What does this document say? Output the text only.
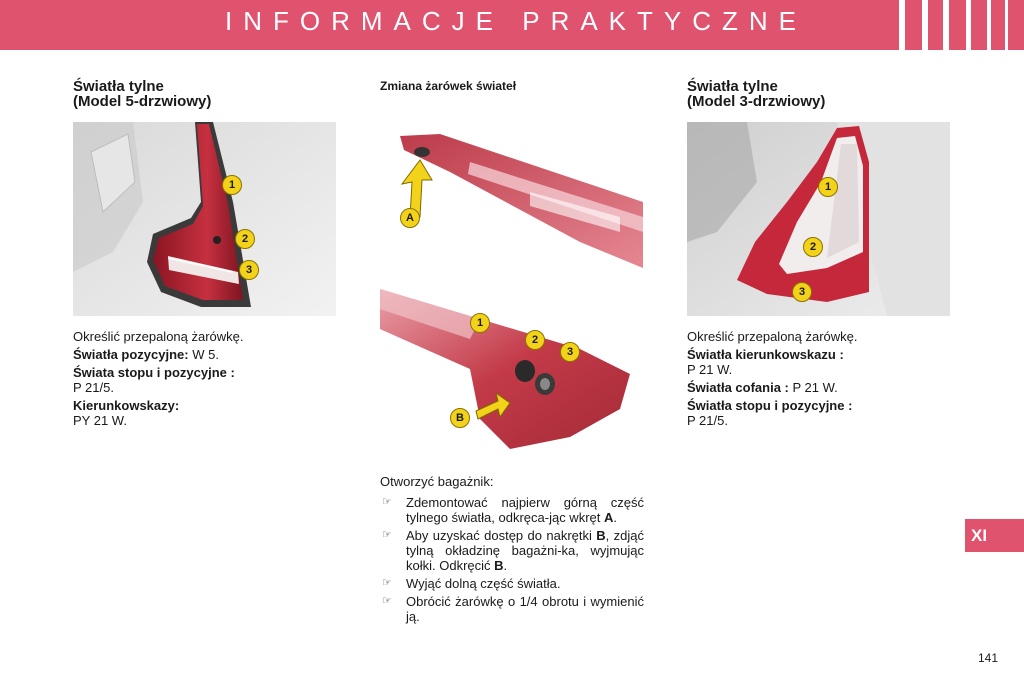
INFORMACJE PRAKTYCZNE
Światła tylne
(Model 5-drzwiowy)
1
2
3

Określić przepaloną żarówkę.

Światła pozycyjne: W 5.

Świata stopu i pozycyjne :
P 21/5.

Kierunkowskazy:
PY 21 W.

Zmiana żarówek świateł
A
1
2
3
B

Otworzyć bagażnik:

☞ Zdemontować najpierw górną część tylnego światła, odkręca-jąc wkręt A.
☞ Aby uzyskać dostęp do nakrętki B, zdjąć tylną okładzinę bagażni-ka, wyjmując kołki. Odkręcić B.
☞ Wyjąć dolną część światła.
☞ Obrócić żarówkę o 1/4 obrotu i wymienić ją.
Światła tylne
(Model 3-drzwiowy)
1
2
3

Określić przepaloną żarówkę.

Światła kierunkowskazu :
P 21 W.

Światła cofania : P 21 W.

Światła stopu i pozycyjne :
P 21/5.

XI
141
